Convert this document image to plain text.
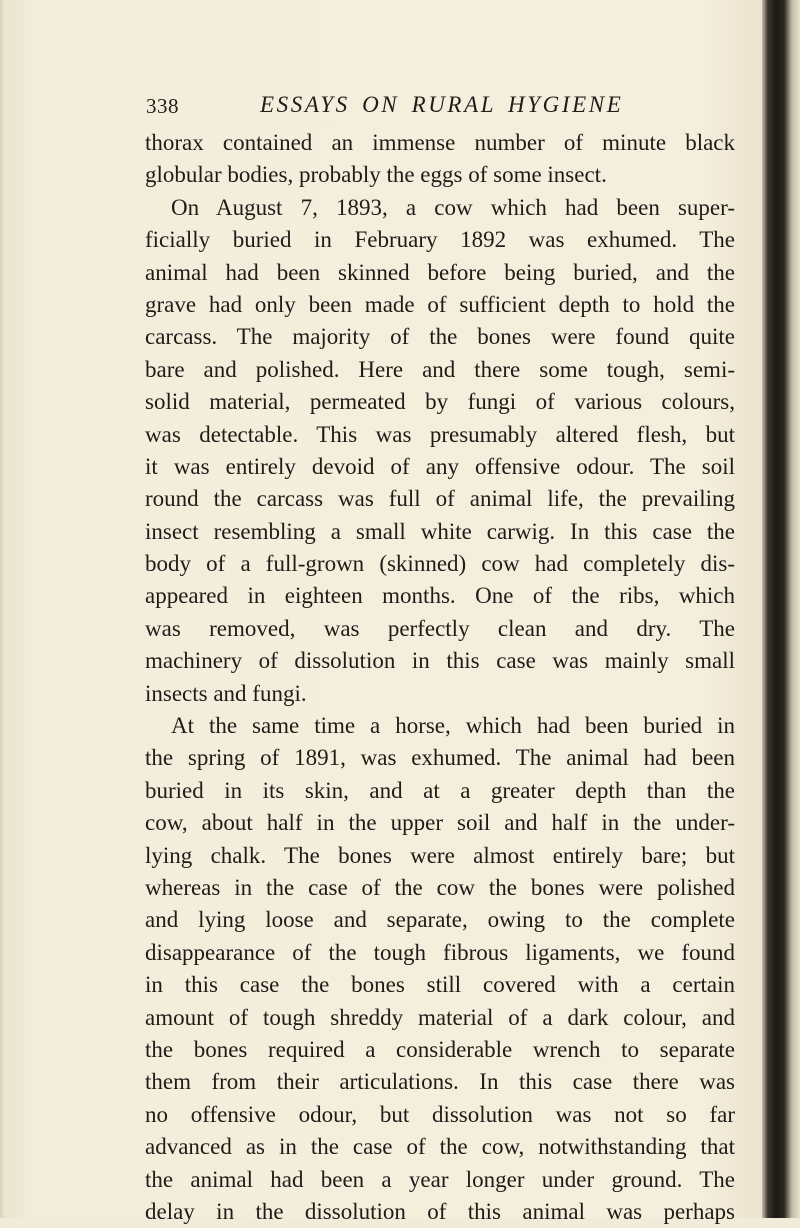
338	ESSAYS ON RURAL HYGIENE
thorax contained an immense number of minute black
globular bodies, probably the eggs of some insect.
On August 7, 1893, a cow which had been super-
ficially buried in February 1892 was exhumed. The
animal had been skinned before being buried, and the
grave had only been made of sufficient depth to hold the
carcass. The majority of the bones were found quite
bare and polished. Here and there some tough, semi-
solid material, permeated by fungi of various colours,
was detectable. This was presumably altered flesh, but
it was entirely devoid of any offensive odour. The soil
round the carcass was full of animal life, the prevailing
insect resembling a small white carwig. In this case the
body of a full-grown (skinned) cow had completely dis-
appeared in eighteen months. One of the ribs, which
was removed, was perfectly clean and dry. The
machinery of dissolution in this case was mainly small
insects and fungi.
At the same time a horse, which had been buried in
the spring of 1891, was exhumed. The animal had been
buried in its skin, and at a greater depth than the
cow, about half in the upper soil and half in the under-
lying chalk. The bones were almost entirely bare; but
whereas in the case of the cow the bones were polished
and lying loose and separate, owing to the complete
disappearance of the tough fibrous ligaments, we found
in this case the bones still covered with a certain
amount of tough shreddy material of a dark colour, and
the bones required a considerable wrench to separate
them from their articulations. In this case there was
no offensive odour, but dissolution was not so far
advanced as in the case of the cow, notwithstanding that
the animal had been a year longer under ground. The
delay in the dissolution of this animal was perhaps
